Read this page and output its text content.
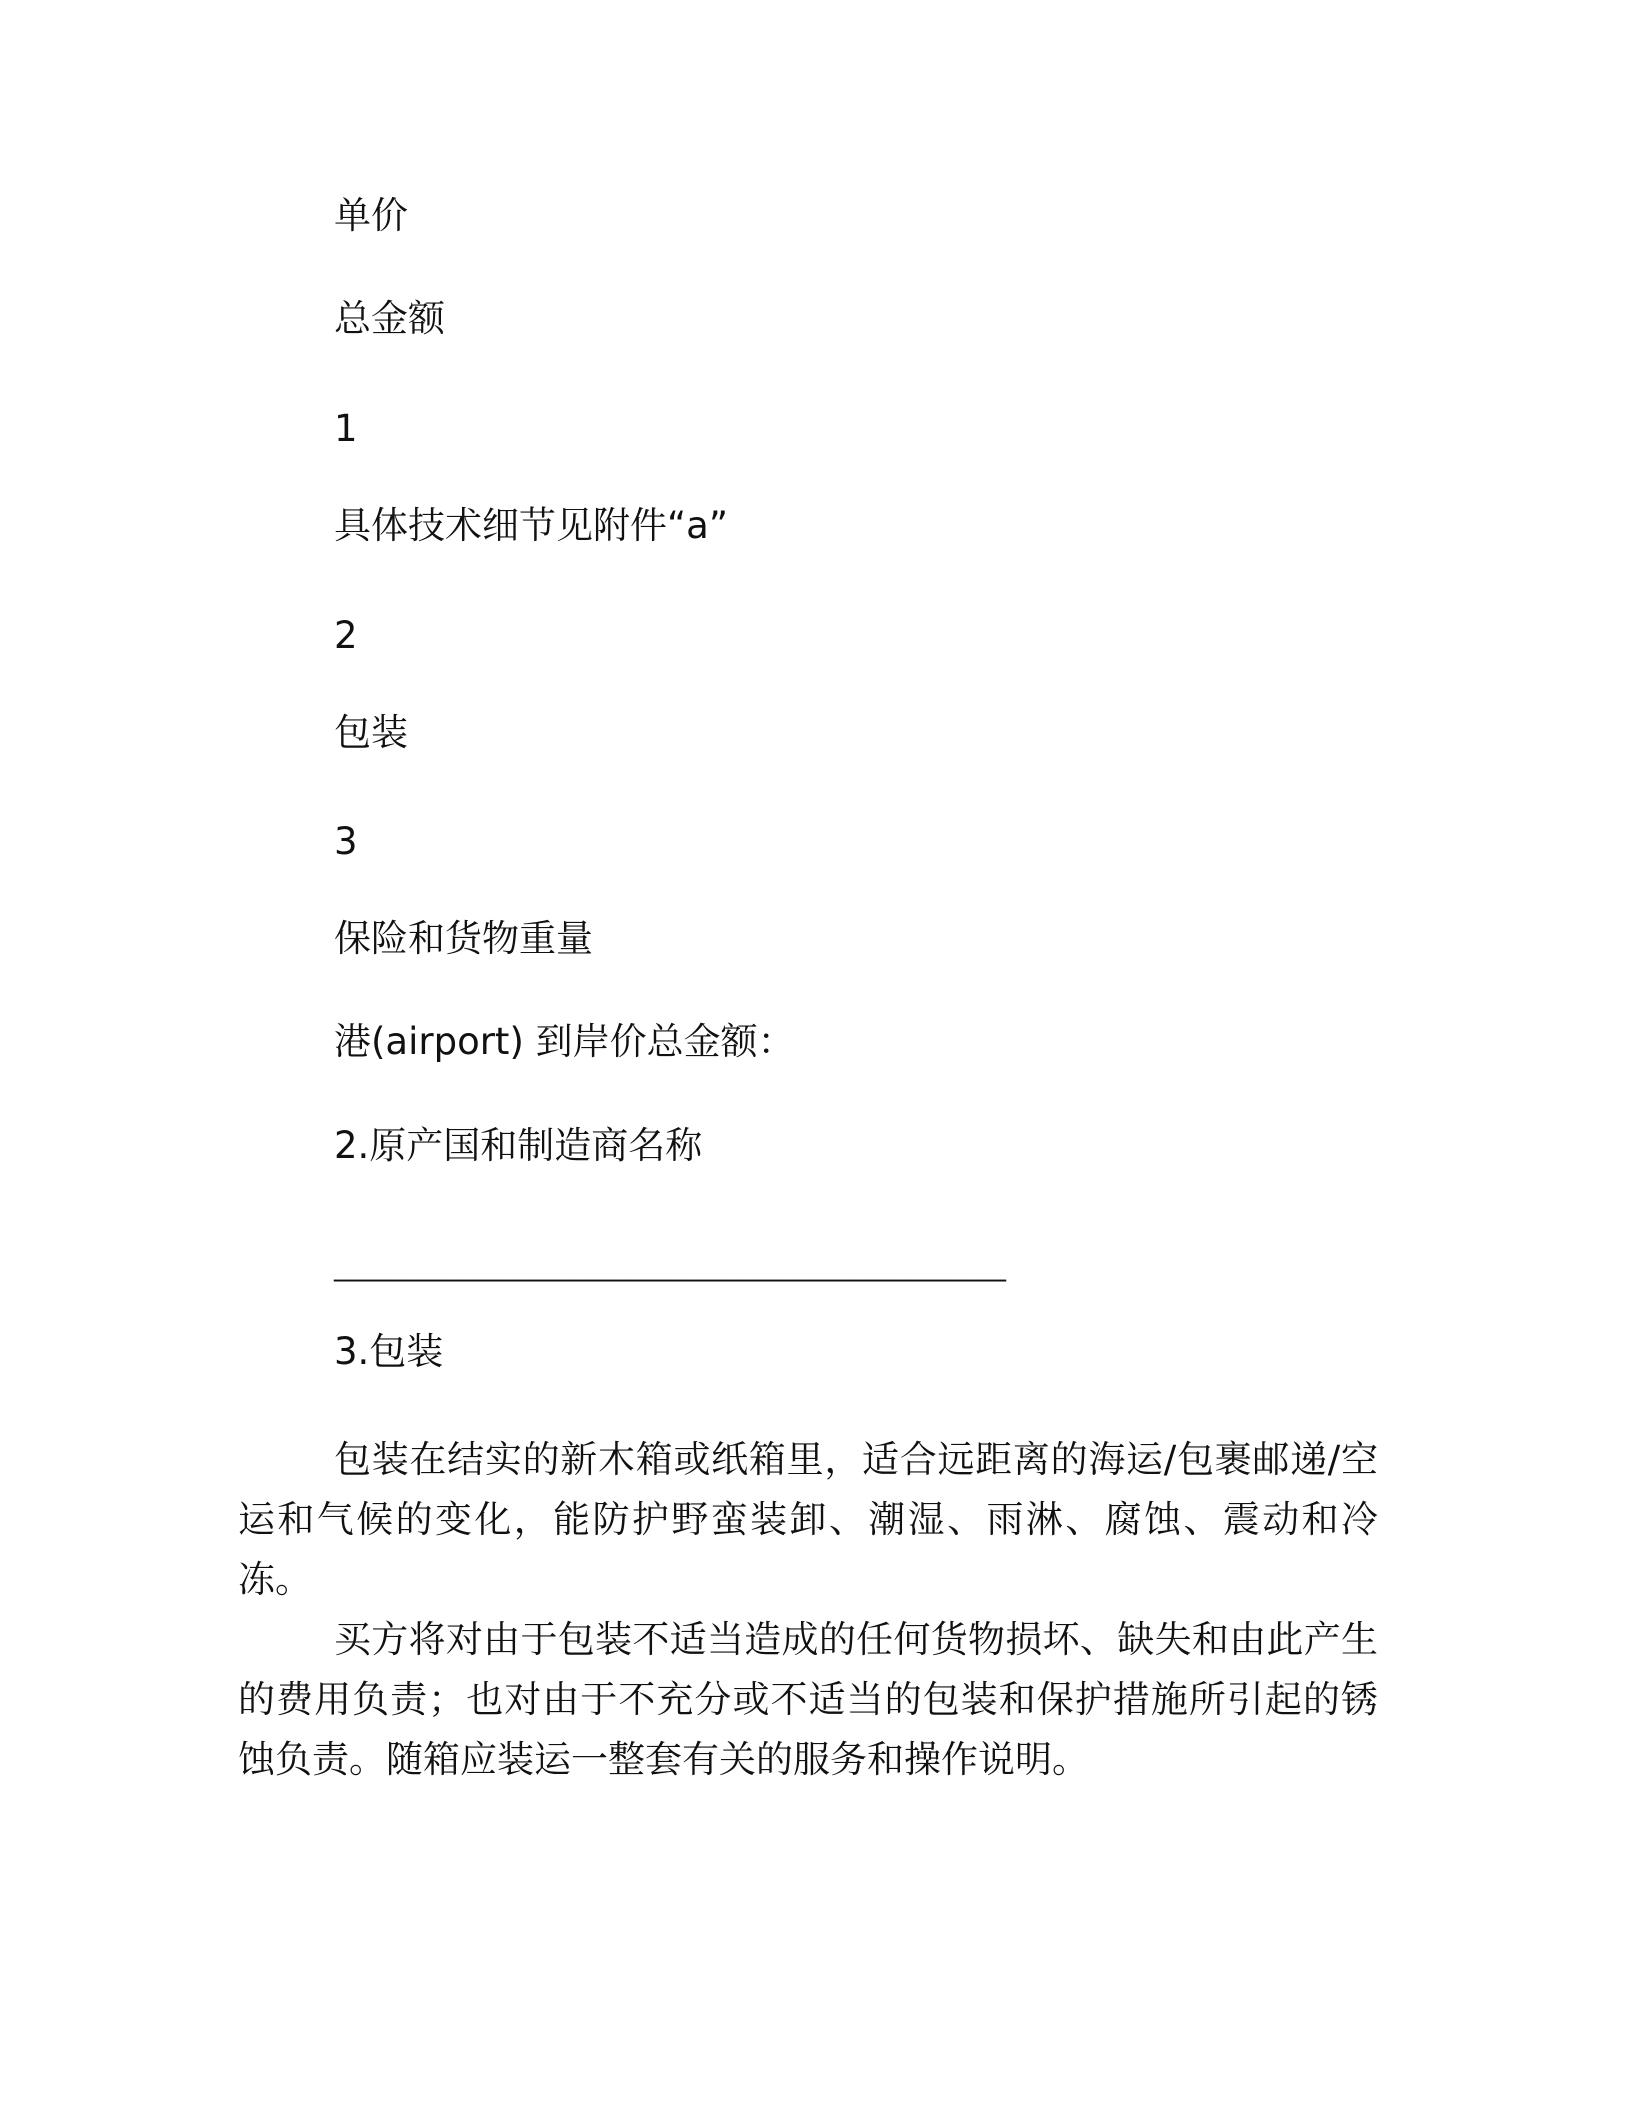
单价

总金额

1

具体技术细节见附件“a”

2

包装

3

保险和货物重量

港(airport) 到岸价总金额：

2.原产国和制造商名称

________________________________________________

3.包装

包装在结实的新木箱或纸箱里，适合远距离的海运/包裹邮递/空运和气候的变化，能防护野蛮装卸、潮湿、雨淋、腐蚀、震动和冷冻。

买方将对由于包装不适当造成的任何货物损坏、缺失和由此产生的费用负责；也对由于不充分或不适当的包装和保护措施所引起的锈蚀负责。随箱应装运一整套有关的服务和操作说明。
